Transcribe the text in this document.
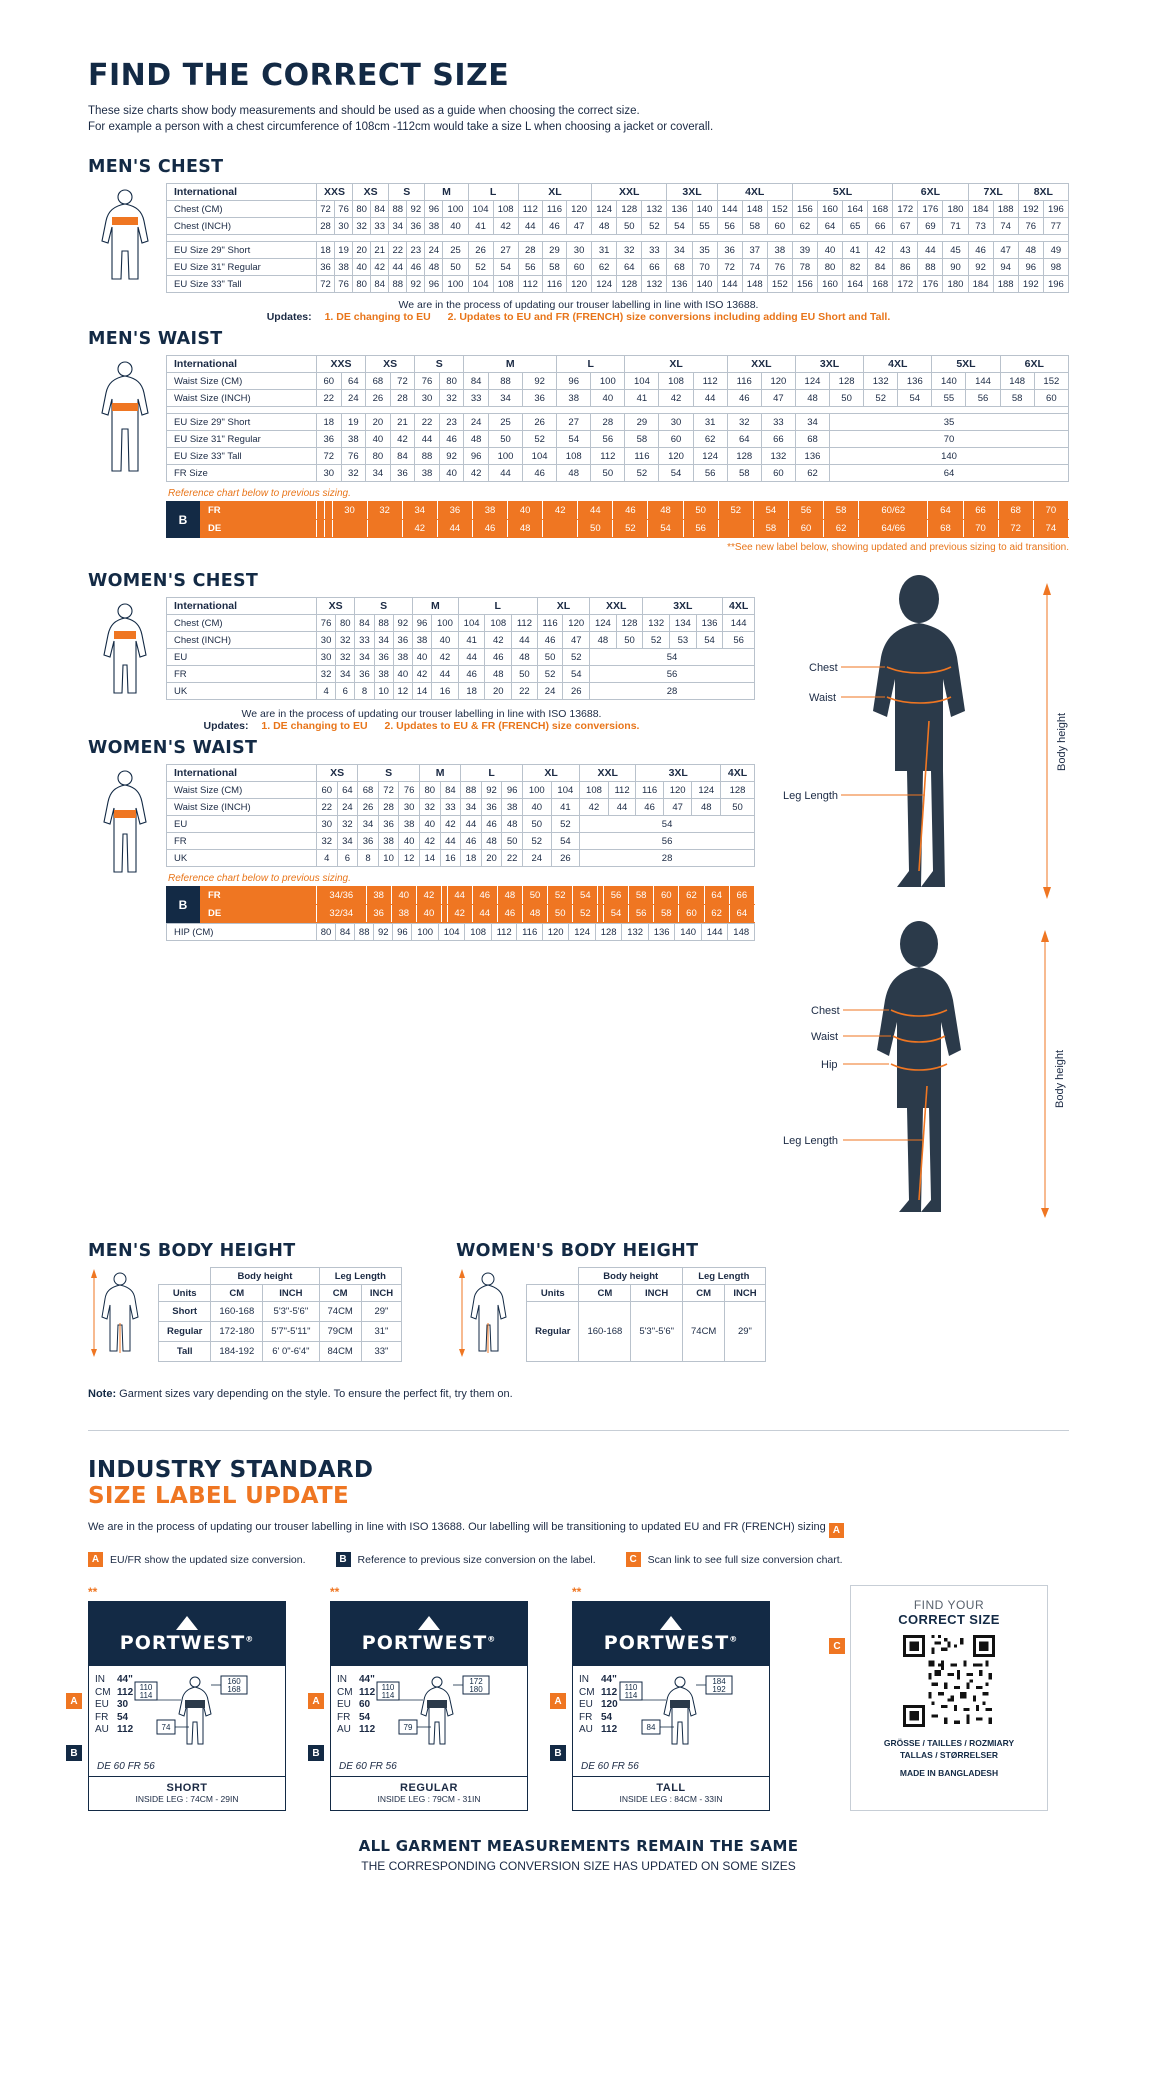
FIND THE CORRECT SIZE
These size charts show body measurements and should be used as a guide when choosing the correct size.
For example a person with a chest circumference of 108cm -112cm would take a size L when choosing a jacket or coverall.
MEN'S CHEST
International	XXS		XS		S		M		L		XL			XXL			3XL		4XL			5XL				6XL			7XL		8XL	
Chest (CM)	72	76	80	84	88	92	96	100	104	108	112	116	120	124	128	132	136	140	144	148	152	156	160	164	168	172	176	180	184	188	192	196
Chest (INCH)	28	30	32	33	34	36	38	40	41	42	44	46	47	48	50	52	54	55	56	58	60	62	64	65	66	67	69	71	73	74	76	77

EU Size 29" Short	18	19	20	21	22	23	24	25	26	27	28	29	30	31	32	33	34	35	36	37	38	39	40	41	42	43	44	45	46	47	48	49
EU Size 31" Regular	36	38	40	42	44	46	48	50	52	54	56	58	60	62	64	66	68	70	72	74	76	78	80	82	84	86	88	90	92	94	96	98
EU Size 33" Tall	72	76	80	84	88	92	96	100	104	108	112	116	120	124	128	132	136	140	144	148	152	156	160	164	168	172	176	180	184	188	192	196
We are in the process of updating our trouser labelling in line with ISO 13688.
Updates: 1. DE changing to EU 2. Updates to EU and FR (FRENCH) size conversions including adding EU Short and Tall.
MEN'S WAIST
International	XXS		XS		S		M			L		XL			XXL		3XL		4XL		5XL		6XL	
Waist Size (CM)	60	64	68	72	76	80	84	88	92	96	100	104	108	112	116	120	124	128	132	136	140	144	148	152
Waist Size (INCH)	22	24	26	28	30	32	33	34	36	38	40	41	42	44	46	47	48	50	52	54	55	56	58	60

EU Size 29" Short	18	19	20	21	22	23	24	25	26	27	28	29	30	31	32	33	34	35						
EU Size 31" Regular	36	38	40	42	44	46	48	50	52	54	56	58	60	62	64	66	68	70						
EU Size 33" Tall	72	76	80	84	88	92	96	100	104	108	112	116	120	124	128	132	136	140						
FR Size	30	32	34	36	38	40	42	44	46	48	50	52	54	56	58	60	62	64						
Reference chart below to previous sizing.
B
FR			30	32	34	36	38	40	42	44	46	48	50	52	54	56	58	60/62	64	66	68	70
DE					42	44	46	48		50	52	54	56		58	60	62	64/66	68	70	72	74
**See new label below, showing updated and previous sizing to aid transition.
WOMEN'S CHEST
International	XS		S			M		L			XL		XXL		3XL			4XL
Chest (CM)	76	80	84	88	92	96	100	104	108	112	116	120	124	128	132	134	136	144
Chest (INCH)	30	32	33	34	36	38	40	41	42	44	46	47	48	50	52	53	54	56
EU	30	32	34	36	38	40	42	44	46	48	50	52	54					
FR	32	34	36	38	40	42	44	46	48	50	52	54	56					
UK	4	6	8	10	12	14	16	18	20	22	24	26	28					
We are in the process of updating our trouser labelling in line with ISO 13688.
Updates: 1. DE changing to EU 2. Updates to EU & FR (FRENCH) size conversions.
WOMEN'S WAIST
International	XS		S			M		L			XL		XXL		3XL			4XL
Waist Size (CM)	60	64	68	72	76	80	84	88	92	96	100	104	108	112	116	120	124	128
Waist Size (INCH)	22	24	26	28	30	32	33	34	36	38	40	41	42	44	46	47	48	50
EU	30	32	34	36	38	40	42	44	46	48	50	52	54					
FR	32	34	36	38	40	42	44	46	48	50	52	54	56					
UK	4	6	8	10	12	14	16	18	20	22	24	26	28					
Reference chart below to previous sizing.
B
FR	34/36	38	40	42		44	46	48	50	52	54		56	58	60	62	64	66
DE	32/34	36	38	40		42	44	46	48	50	52		54	56	58	60	62	64
HIP (CM)	80	84	88	92	96	100	104	108	112	116	120	124	128	132	136	140	144	148
Chest
Waist
Leg Length
Body height
Chest
Waist
Hip
Leg Length
Body height
MEN'S BODY HEIGHT
	Body height		Leg Length	
Units	CM	INCH	CM	INCH
Short	160-168	5'3"-5'6"	74CM	29"
Regular	172-180	5'7"-5'11"	79CM	31"
Tall	184-192	6' 0"-6'4"	84CM	33"
WOMEN'S BODY HEIGHT
	Body height		Leg Length	
Units	CM	INCH	CM	INCH
Regular	160-168	5'3"-5'6"	74CM	29"
Note: Garment sizes vary depending on the style. To ensure the perfect fit, try them on.
INDUSTRY STANDARD
SIZE LABEL UPDATE
We are in the process of updating our trouser labelling in line with ISO 13688. Our labelling will be transitioning to updated EU and FR (FRENCH) sizing A
A	EU/FR show the updated size conversion.	B	Reference to previous size conversion on the label.	C	Scan link to see full size conversion chart.
**
PORTWEST®
IN 44"
CM 112
EU 30
FR 54
AU 112
110
114
160
168
74
DE 60 FR 56
SHORT
INSIDE LEG : 74CM - 29IN
A
B
**
PORTWEST®
IN 44"
CM 112
EU 60
FR 54
AU 112
110
114
172
180
79
DE 60 FR 56
REGULAR
INSIDE LEG : 79CM - 31IN
A
B
**
PORTWEST®
IN 44"
CM 112
EU 120
FR 54
AU 112
110
114
184
192
84
DE 60 FR 56
TALL
INSIDE LEG : 84CM - 33IN
A
B
C
FIND YOUR
CORRECT SIZE
GRÖSSE / TAILLES / ROZMIARY
TALLAS / STØRRELSER
MADE IN BANGLADESH
ALL GARMENT MEASUREMENTS REMAIN THE SAME
THE CORRESPONDING CONVERSION SIZE HAS UPDATED ON SOME SIZES
